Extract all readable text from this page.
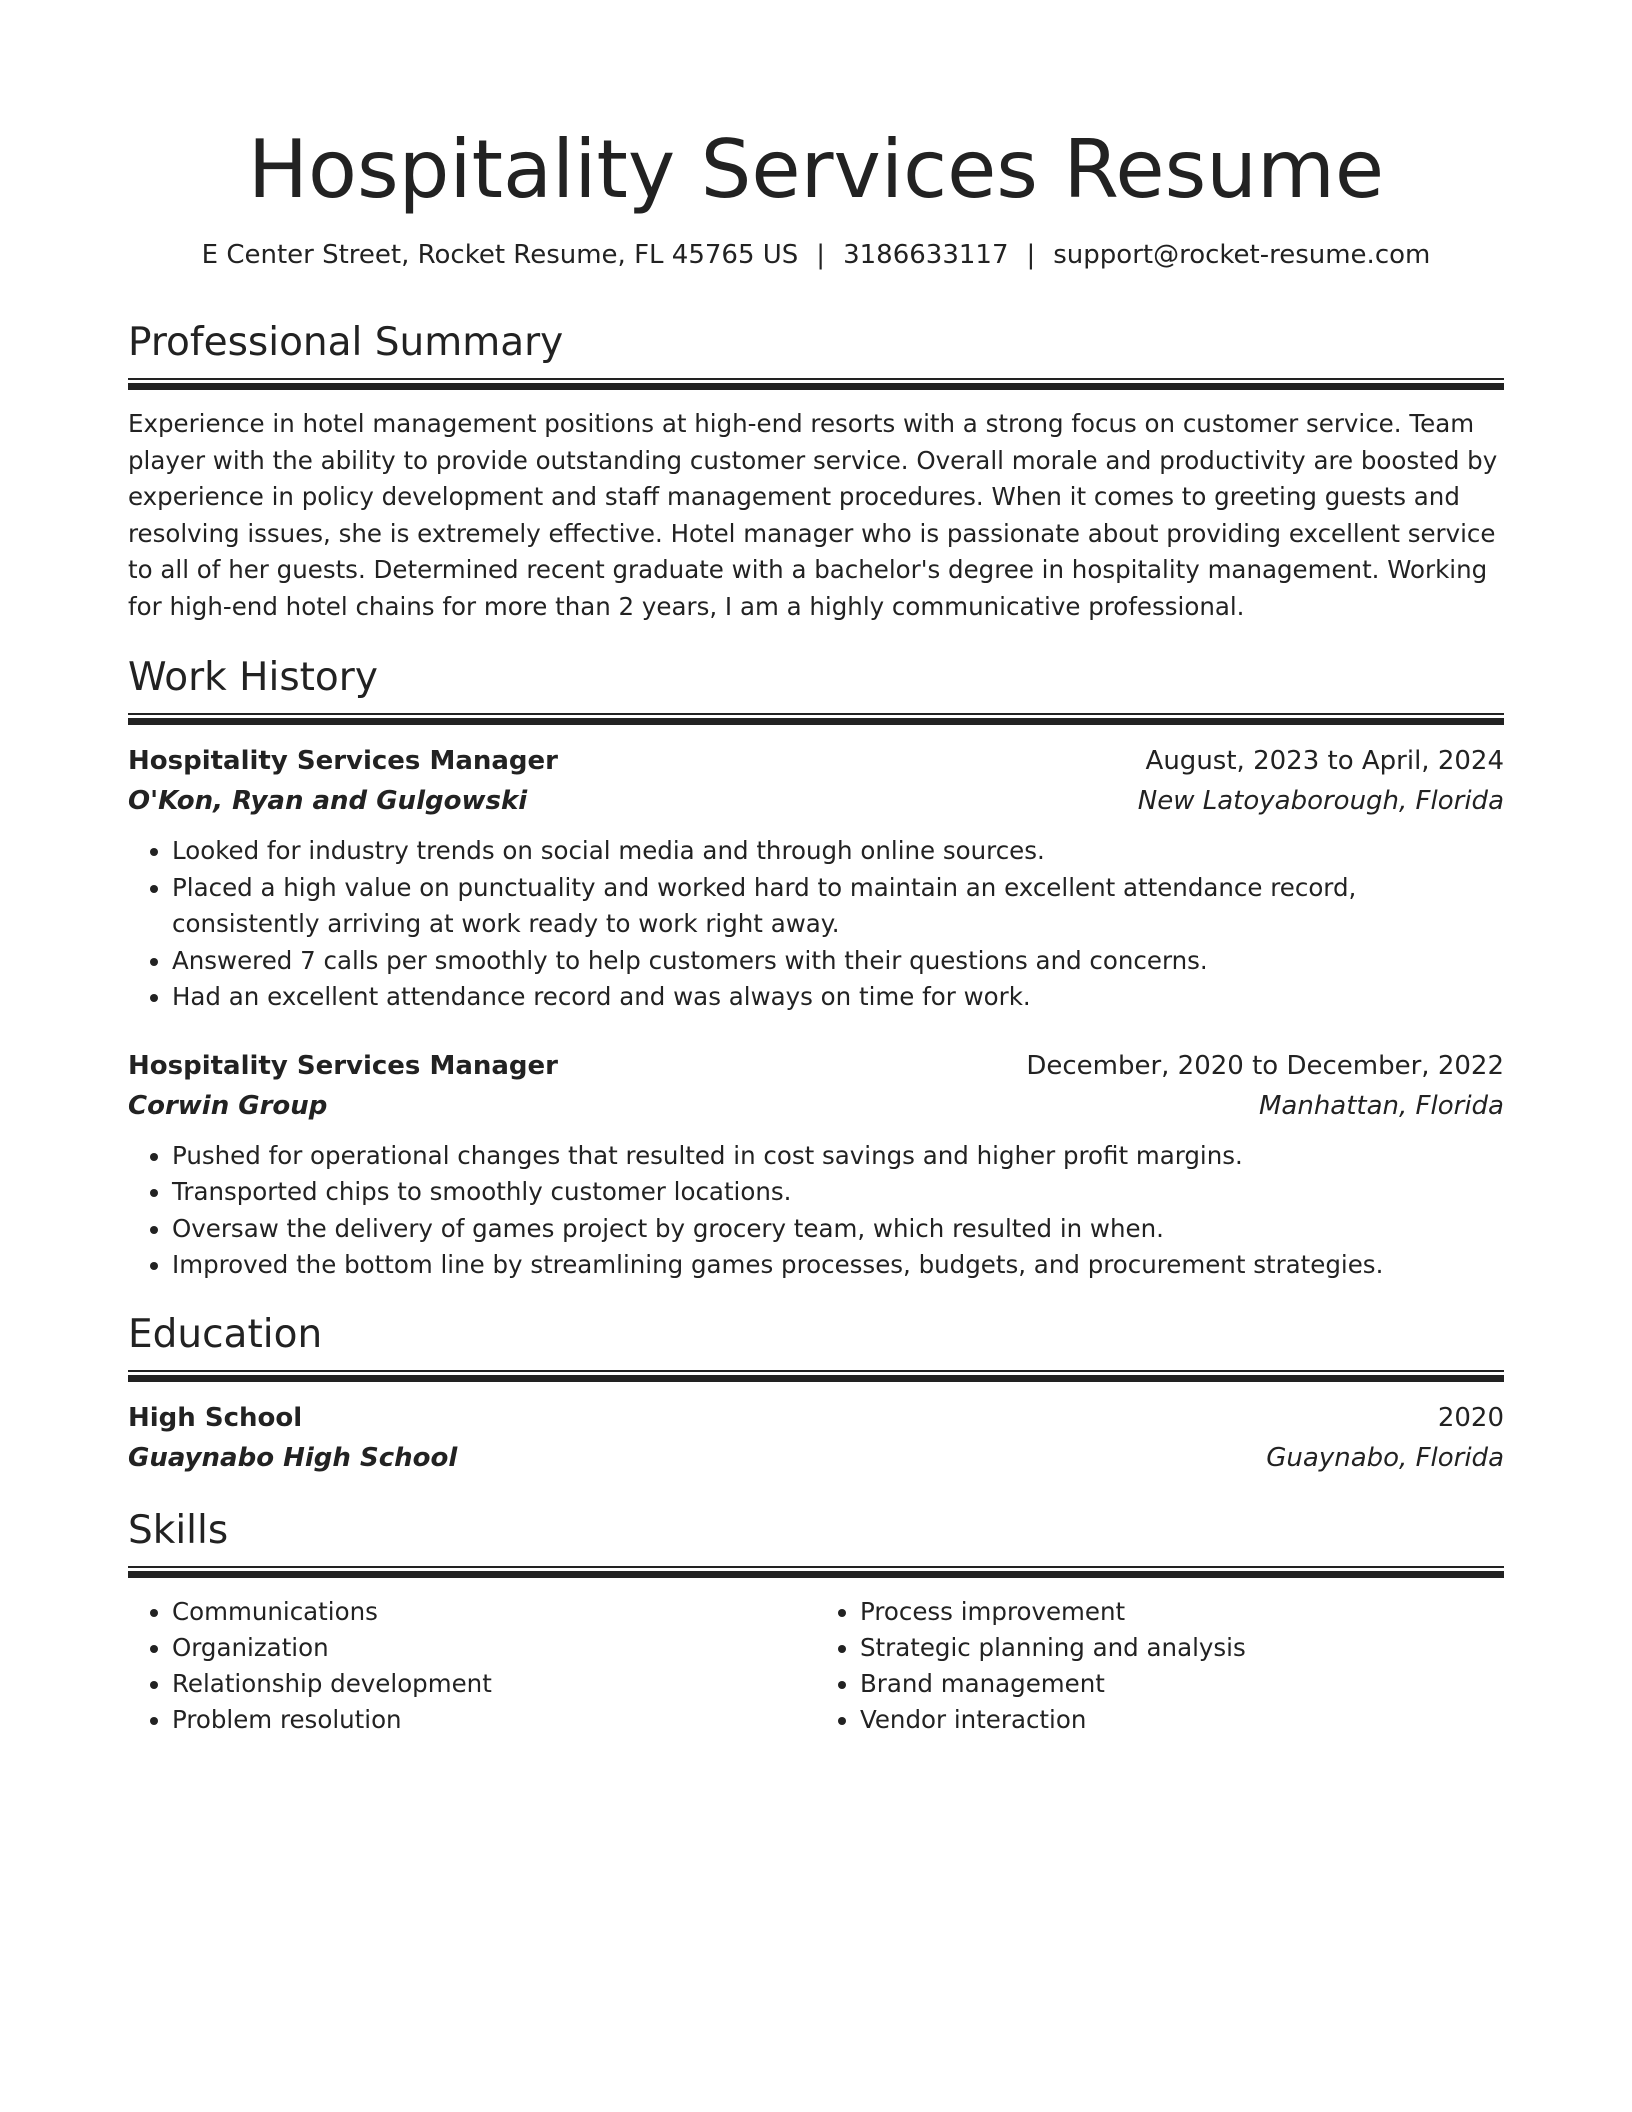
Hospitality Services Resume
E Center Street, Rocket Resume, FL 45765 US | 3186633117 | support@rocket-resume.com
Professional Summary

Experience in hotel management positions at high-end resorts with a strong focus on customer service. Team player with the ability to provide outstanding customer service. Overall morale and productivity are boosted by experience in policy development and staff management procedures. When it comes to greeting guests and resolving issues, she is extremely effective. Hotel manager who is passionate about providing excellent service to all of her guests. Determined recent graduate with a bachelor's degree in hospitality management. Working for high-end hotel chains for more than 2 years, I am a highly communicative professional.

Work History
Hospitality Services Manager	August, 2023 to April, 2024
O'Kon, Ryan and Gulgowski	New Latoyaborough, Florida
• Looked for industry trends on social media and through online sources.
• Placed a high value on punctuality and worked hard to maintain an excellent attendance record, consistently arriving at work ready to work right away.
• Answered 7 calls per smoothly to help customers with their questions and concerns.
• Had an excellent attendance record and was always on time for work.
Hospitality Services Manager	December, 2020 to December, 2022
Corwin Group	Manhattan, Florida
• Pushed for operational changes that resulted in cost savings and higher profit margins.
• Transported chips to smoothly customer locations.
• Oversaw the delivery of games project by grocery team, which resulted in when.
• Improved the bottom line by streamlining games processes, budgets, and procurement strategies.
Education
High School	2020
Guaynabo High School	Guaynabo, Florida
Skills
• Communications
• Organization
• Relationship development
• Problem resolution
• Process improvement
• Strategic planning and analysis
• Brand management
• Vendor interaction
